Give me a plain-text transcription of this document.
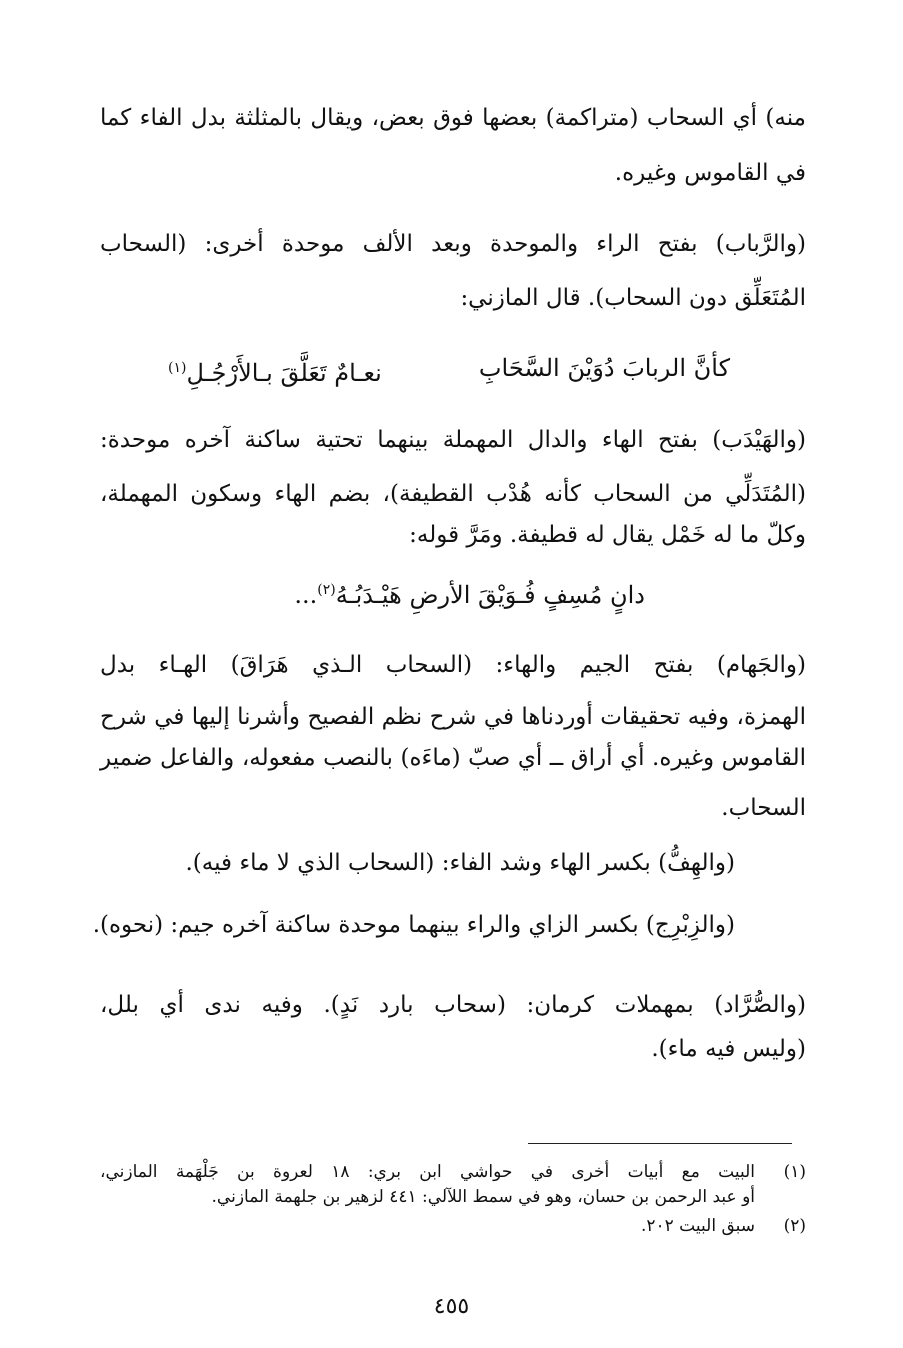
منه) أي السحاب (متراكمة) بعضها فوق بعض، ويقال بالمثلثة بدل الفاء كما
في القاموس وغيره.
(والرَّباب) بفتح الراء والموحدة وبعد الألف موحدة أخرى: (السحاب
المُتَعَلِّق دون السحاب). قال المازني:
كأنَّ الربابَ دُوَيْنَ السَّحَابِ
نعـامٌ تَعَلَّقَ بـالأَرْجُـلِ$^{(١)}$
(والهَيْدَب) بفتح الهاء والدال المهملة بينهما تحتية ساكنة آخره موحدة:
(المُتَدَلِّي من السحاب كأنه هُدْب القطيفة)، بضم الهاء وسكون المهملة،
وكلّ ما له خَمْل يقال له قطيفة. ومَرَّ قوله:
دانٍ مُسِفٍ فُـوَيْقَ الأرضِ هَيْـدَبُـهُ$^{(٢)}$...
(والجَهام) بفتح الجيم والهاء: (السحاب الـذي هَرَاقَ) الهـاء بدل
الهمزة، وفيه تحقيقات أوردناها في شرح نظم الفصيح وأشرنا إليها في شرح
القاموس وغيره. أي أراق ــ أي صبّ (ماءَه) بالنصب مفعوله، والفاعل ضمير
السحاب.
(والهِفُّ) بكسر الهاء وشد الفاء: (السحاب الذي لا ماء فيه).
(والزِبْرِج) بكسر الزاي والراء بينهما موحدة ساكنة آخره جيم: (نحوه).
(والصُّرَّاد) بمهملات كرمان: (سحاب بارد نَدٍ). وفيه ندى أي بلل،
(وليس فيه ماء).
(١)
البيت مع أبيات أخرى في حواشي ابن بري: ١٨ لعروة بن جَلْهَمة المازني،
أو عبد الرحمن بن حسان، وهو في سمط اللآلي: ٤٤١ لزهير بن جلهمة المازني.
(٢)
سبق البيت ٢٠٢.
٤٥٥
